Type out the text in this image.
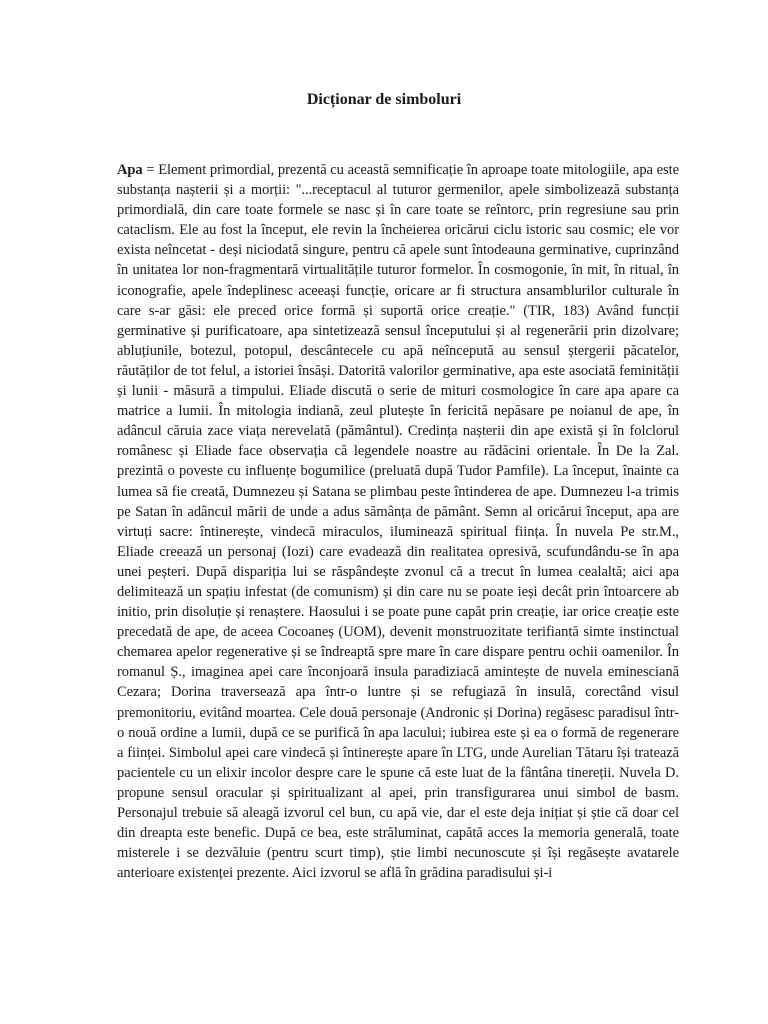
Dicționar de simboluri

Apa = Element primordial, prezentă cu această semnificație în aproape toate mitologiile, apa este substanța nașterii și a morții: "...receptacul al tuturor germenilor, apele simbolizează substanța primordială, din care toate formele se nasc și în care toate se reîntorc, prin regresiune sau prin cataclism. Ele au fost la început, ele revin la încheierea oricărui ciclu istoric sau cosmic; ele vor exista neîncetat - deși niciodată singure, pentru că apele sunt întodeauna germinative, cuprinzând în unitatea lor non-fragmentară virtualitățile tuturor formelor. În cosmogonie, în mit, în ritual, în iconografie, apele îndeplinesc aceeași funcție, oricare ar fi structura ansamblurilor culturale în care s-ar găsi: ele preced orice formă și suportă orice creație." (TIR, 183) Având funcții germinative și purificatoare, apa sintetizează sensul începutului și al regenerării prin dizolvare; abluțiunile, botezul, potopul, descântecele cu apă neîncepută au sensul ștergerii păcatelor, răutăților de tot felul, a istoriei însăși. Datorită valorilor germinative, apa este asociată feminității și lunii - măsură a timpului. Eliade discută o serie de mituri cosmologice în care apa apare ca matrice a lumii. În mitologia indiană, zeul plutește în fericită nepăsare pe noianul de ape, în adâncul căruia zace viața nerevelată (pământul). Credința nașterii din ape există și în folclorul românesc și Eliade face observația că legendele noastre au rădăcini orientale. În De la Zal. prezintă o poveste cu influențe bogumilice (preluată după Tudor Pamfile). La început, înainte ca lumea să fie creată, Dumnezeu și Satana se plimbau peste întinderea de ape. Dumnezeu l-a trimis pe Satan în adâncul mării de unde a adus sămânța de pământ. Semn al oricărui început, apa are virtuți sacre: întinerește, vindecă miraculos, iluminează spiritual ființa. În nuvela Pe str.M., Eliade creează un personaj (Iozi) care evadează din realitatea opresivă, scufundându-se în apa unei peșteri. După dispariția lui se răspândește zvonul că a trecut în lumea cealaltă; aici apa delimitează un spațiu infestat (de comunism) și din care nu se poate ieși decât prin întoarcere ab initio, prin disoluție și renaștere. Haosului i se poate pune capăt prin creație, iar orice creație este precedată de ape, de aceea Cocoaneș (UOM), devenit monstruozitate terifiantă simte instinctual chemarea apelor regenerative și se îndreaptă spre mare în care dispare pentru ochii oamenilor. În romanul Ș., imaginea apei care înconjoară insula paradiziacă amintește de nuvela eminesciană Cezara; Dorina traversează apa într-o luntre și se refugiază în insulă, corectând visul premonitoriu, evitând moartea. Cele două personaje (Andronic și Dorina) regăsesc paradisul într-o nouă ordine a lumii, după ce se purifică în apa lacului; iubirea este și ea o formă de regenerare a ființei. Simbolul apei care vindecă și întinerește apare în LTG, unde Aurelian Tătaru își tratează pacientele cu un elixir incolor despre care le spune că este luat de la fântâna tinereții. Nuvela D. propune sensul oracular și spiritualizant al apei, prin transfigurarea unui simbol de basm. Personajul trebuie să aleagă izvorul cel bun, cu apă vie, dar el este deja inițiat și știe că doar cel din dreapta este benefic. După ce bea, este străluminat, capătă acces la memoria generală, toate misterele i se dezvăluie (pentru scurt timp), știe limbi necunoscute și își regăsește avatarele anterioare existenței prezente. Aici izvorul se află în grădina paradisului și-i
